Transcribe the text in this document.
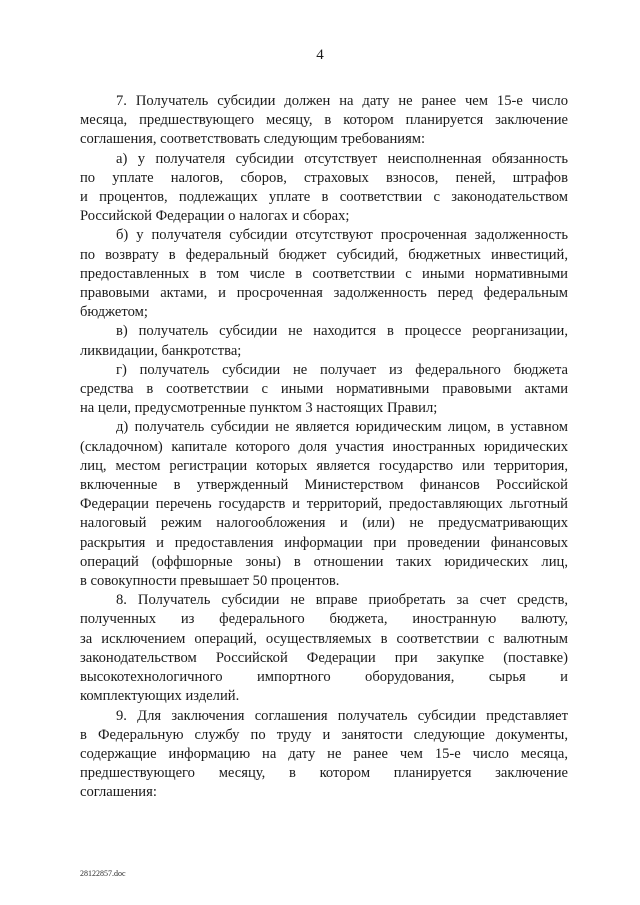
4
7. Получатель субсидии должен на дату не ранее чем 15-е число
месяца, предшествующего месяцу, в котором планируется заключение
соглашения, соответствовать следующим требованиям:
а) у получателя субсидии отсутствует неисполненная обязанность
по уплате налогов, сборов, страховых взносов, пеней, штрафов
и процентов, подлежащих уплате в соответствии с законодательством
Российской Федерации о налогах и сборах;
б) у получателя субсидии отсутствуют просроченная задолженность
по возврату в федеральный бюджет субсидий, бюджетных инвестиций,
предоставленных в том числе в соответствии с иными нормативными
правовыми актами, и просроченная задолженность перед федеральным
бюджетом;
в) получатель субсидии не находится в процессе реорганизации,
ликвидации, банкротства;
г) получатель субсидии не получает из федерального бюджета
средства в соответствии с иными нормативными правовыми актами
на цели, предусмотренные пунктом 3 настоящих Правил;
д) получатель субсидии не является юридическим лицом, в уставном
(складочном) капитале которого доля участия иностранных юридических
лиц, местом регистрации которых является государство или территория,
включенные в утвержденный Министерством финансов Российской
Федерации перечень государств и территорий, предоставляющих льготный
налоговый режим налогообложения и (или) не предусматривающих
раскрытия и предоставления информации при проведении финансовых
операций (оффшорные зоны) в отношении таких юридических лиц,
в совокупности превышает 50 процентов.
8. Получатель субсидии не вправе приобретать за счет средств,
полученных из федерального бюджета, иностранную валюту,
за исключением операций, осуществляемых в соответствии с валютным
законодательством Российской Федерации при закупке (поставке)
высокотехнологичного импортного оборудования, сырья и
комплектующих изделий.
9. Для заключения соглашения получатель субсидии представляет
в Федеральную службу по труду и занятости следующие документы,
содержащие информацию на дату не ранее чем 15-е число месяца,
предшествующего месяцу, в котором планируется заключение
соглашения:
28122857.doc
